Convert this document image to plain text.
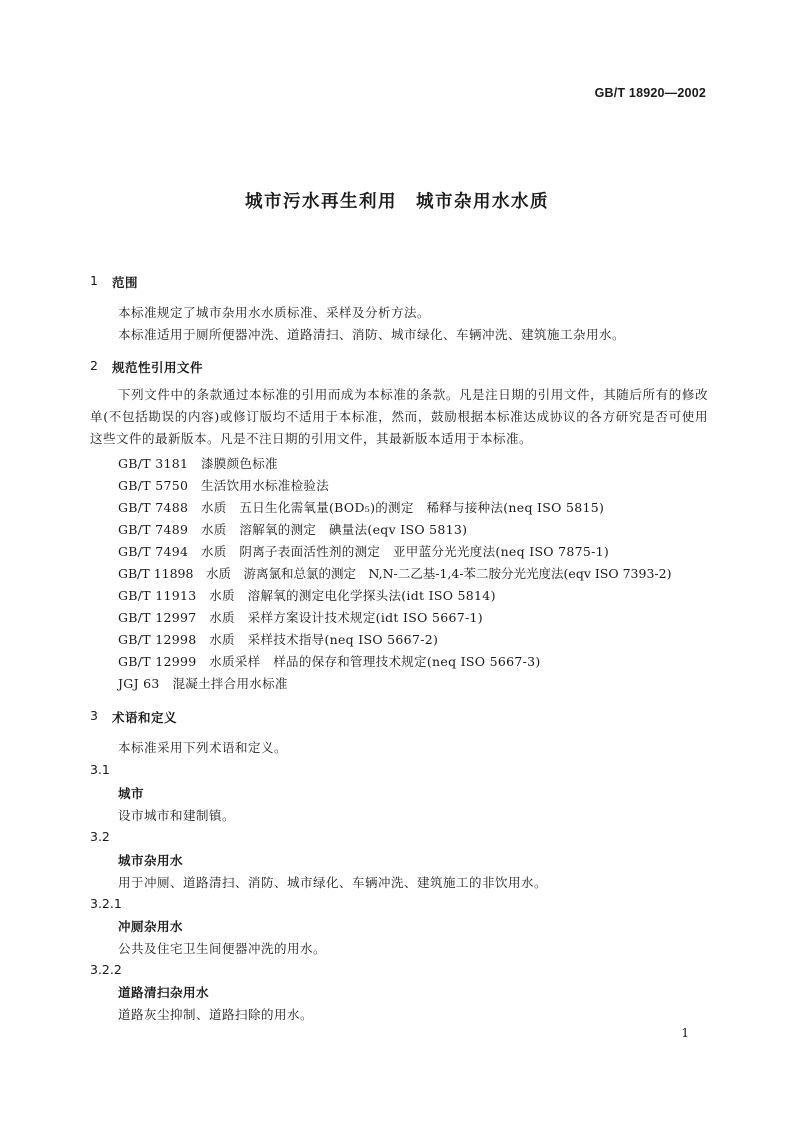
GB/T 18920—2002
城市污水再生利用　城市杂用水水质
1 范围
本标准规定了城市杂用水水质标准、采样及分析方法。
本标准适用于厕所便器冲洗、道路清扫、消防、城市绿化、车辆冲洗、建筑施工杂用水。
2 规范性引用文件
下列文件中的条款通过本标准的引用而成为本标准的条款。凡是注日期的引用文件，其随后所有的修改单(不包括勘误的内容)或修订版均不适用于本标准，然而，鼓励根据本标准达成协议的各方研究是否可使用这些文件的最新版本。凡是不注日期的引用文件，其最新版本适用于本标准。
GB/T 3181　漆膜颜色标准
GB/T 5750　生活饮用水标准检验法
GB/T 7488　水质　五日生化需氧量(BOD₅)的测定　稀释与接种法(neq ISO 5815)
GB/T 7489　水质　溶解氧的测定　碘量法(eqv ISO 5813)
GB/T 7494　水质　阴离子表面活性剂的测定　亚甲蓝分光光度法(neq ISO 7875-1)
GB/T 11898　水质　游离氯和总氯的测定　N,N-二乙基-1,4-苯二胺分光光度法(eqv ISO 7393-2)
GB/T 11913　水质　溶解氧的测定电化学探头法(idt ISO 5814)
GB/T 12997　水质　采样方案设计技术规定(idt ISO 5667-1)
GB/T 12998　水质　采样技术指导(neq ISO 5667-2)
GB/T 12999　水质采样　样品的保存和管理技术规定(neq ISO 5667-3)
JGJ 63　混凝土拌合用水标准
3 术语和定义
本标准采用下列术语和定义。
3.1
城市
设市城市和建制镇。
3.2
城市杂用水
用于冲厕、道路清扫、消防、城市绿化、车辆冲洗、建筑施工的非饮用水。
3.2.1
冲厕杂用水
公共及住宅卫生间便器冲洗的用水。
3.2.2
道路清扫杂用水
道路灰尘抑制、道路扫除的用水。
1
